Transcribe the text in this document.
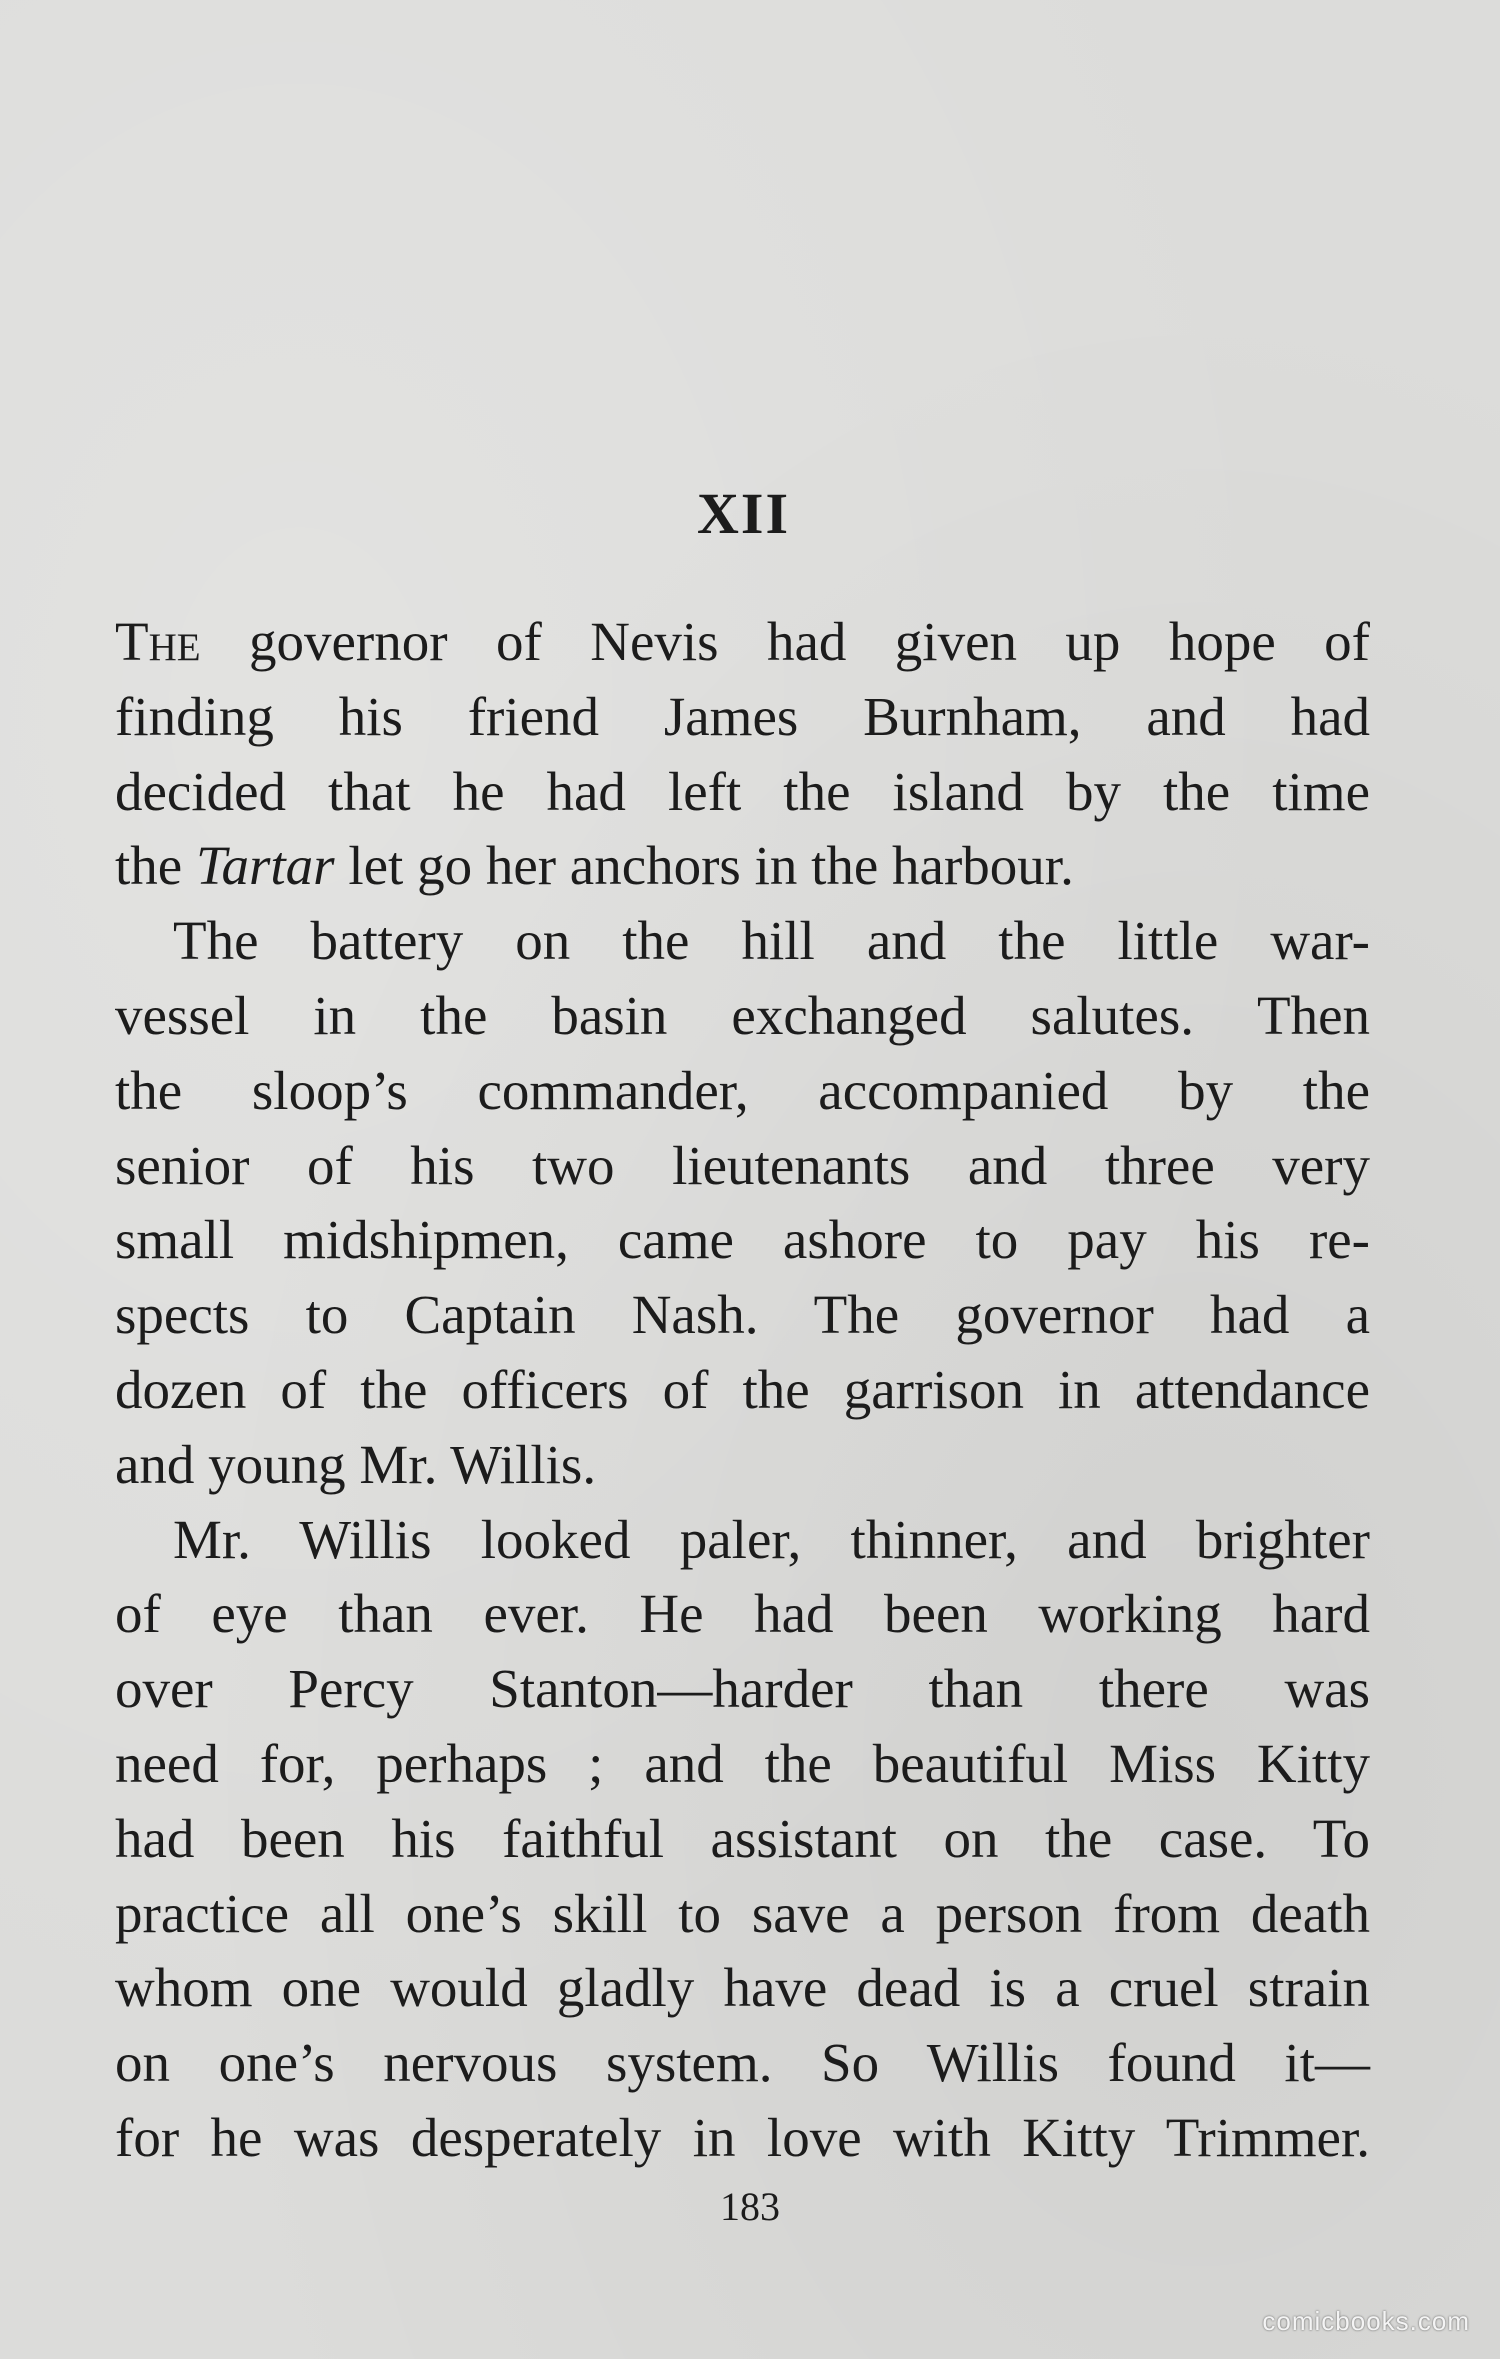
XII
The governor of Nevis had given up hope of
finding his friend James Burnham, and had
decided that he had left the island by the time
the Tartar let go her anchors in the harbour.
The battery on the hill and the little war-
vessel in the basin exchanged salutes. Then
the sloop’s commander, accompanied by the
senior of his two lieutenants and three very
small midshipmen, came ashore to pay his re-
spects to Captain Nash. The governor had a
dozen of the officers of the garrison in attendance
and young Mr. Willis.
Mr. Willis looked paler, thinner, and brighter
of eye than ever. He had been working hard
over Percy Stanton—harder than there was
need for, perhaps ; and the beautiful Miss Kitty
had been his faithful assistant on the case. To
practice all one’s skill to save a person from death
whom one would gladly have dead is a cruel strain
on one’s nervous system. So Willis found it—
for he was desperately in love with Kitty Trimmer.
183
comicbooks.com
